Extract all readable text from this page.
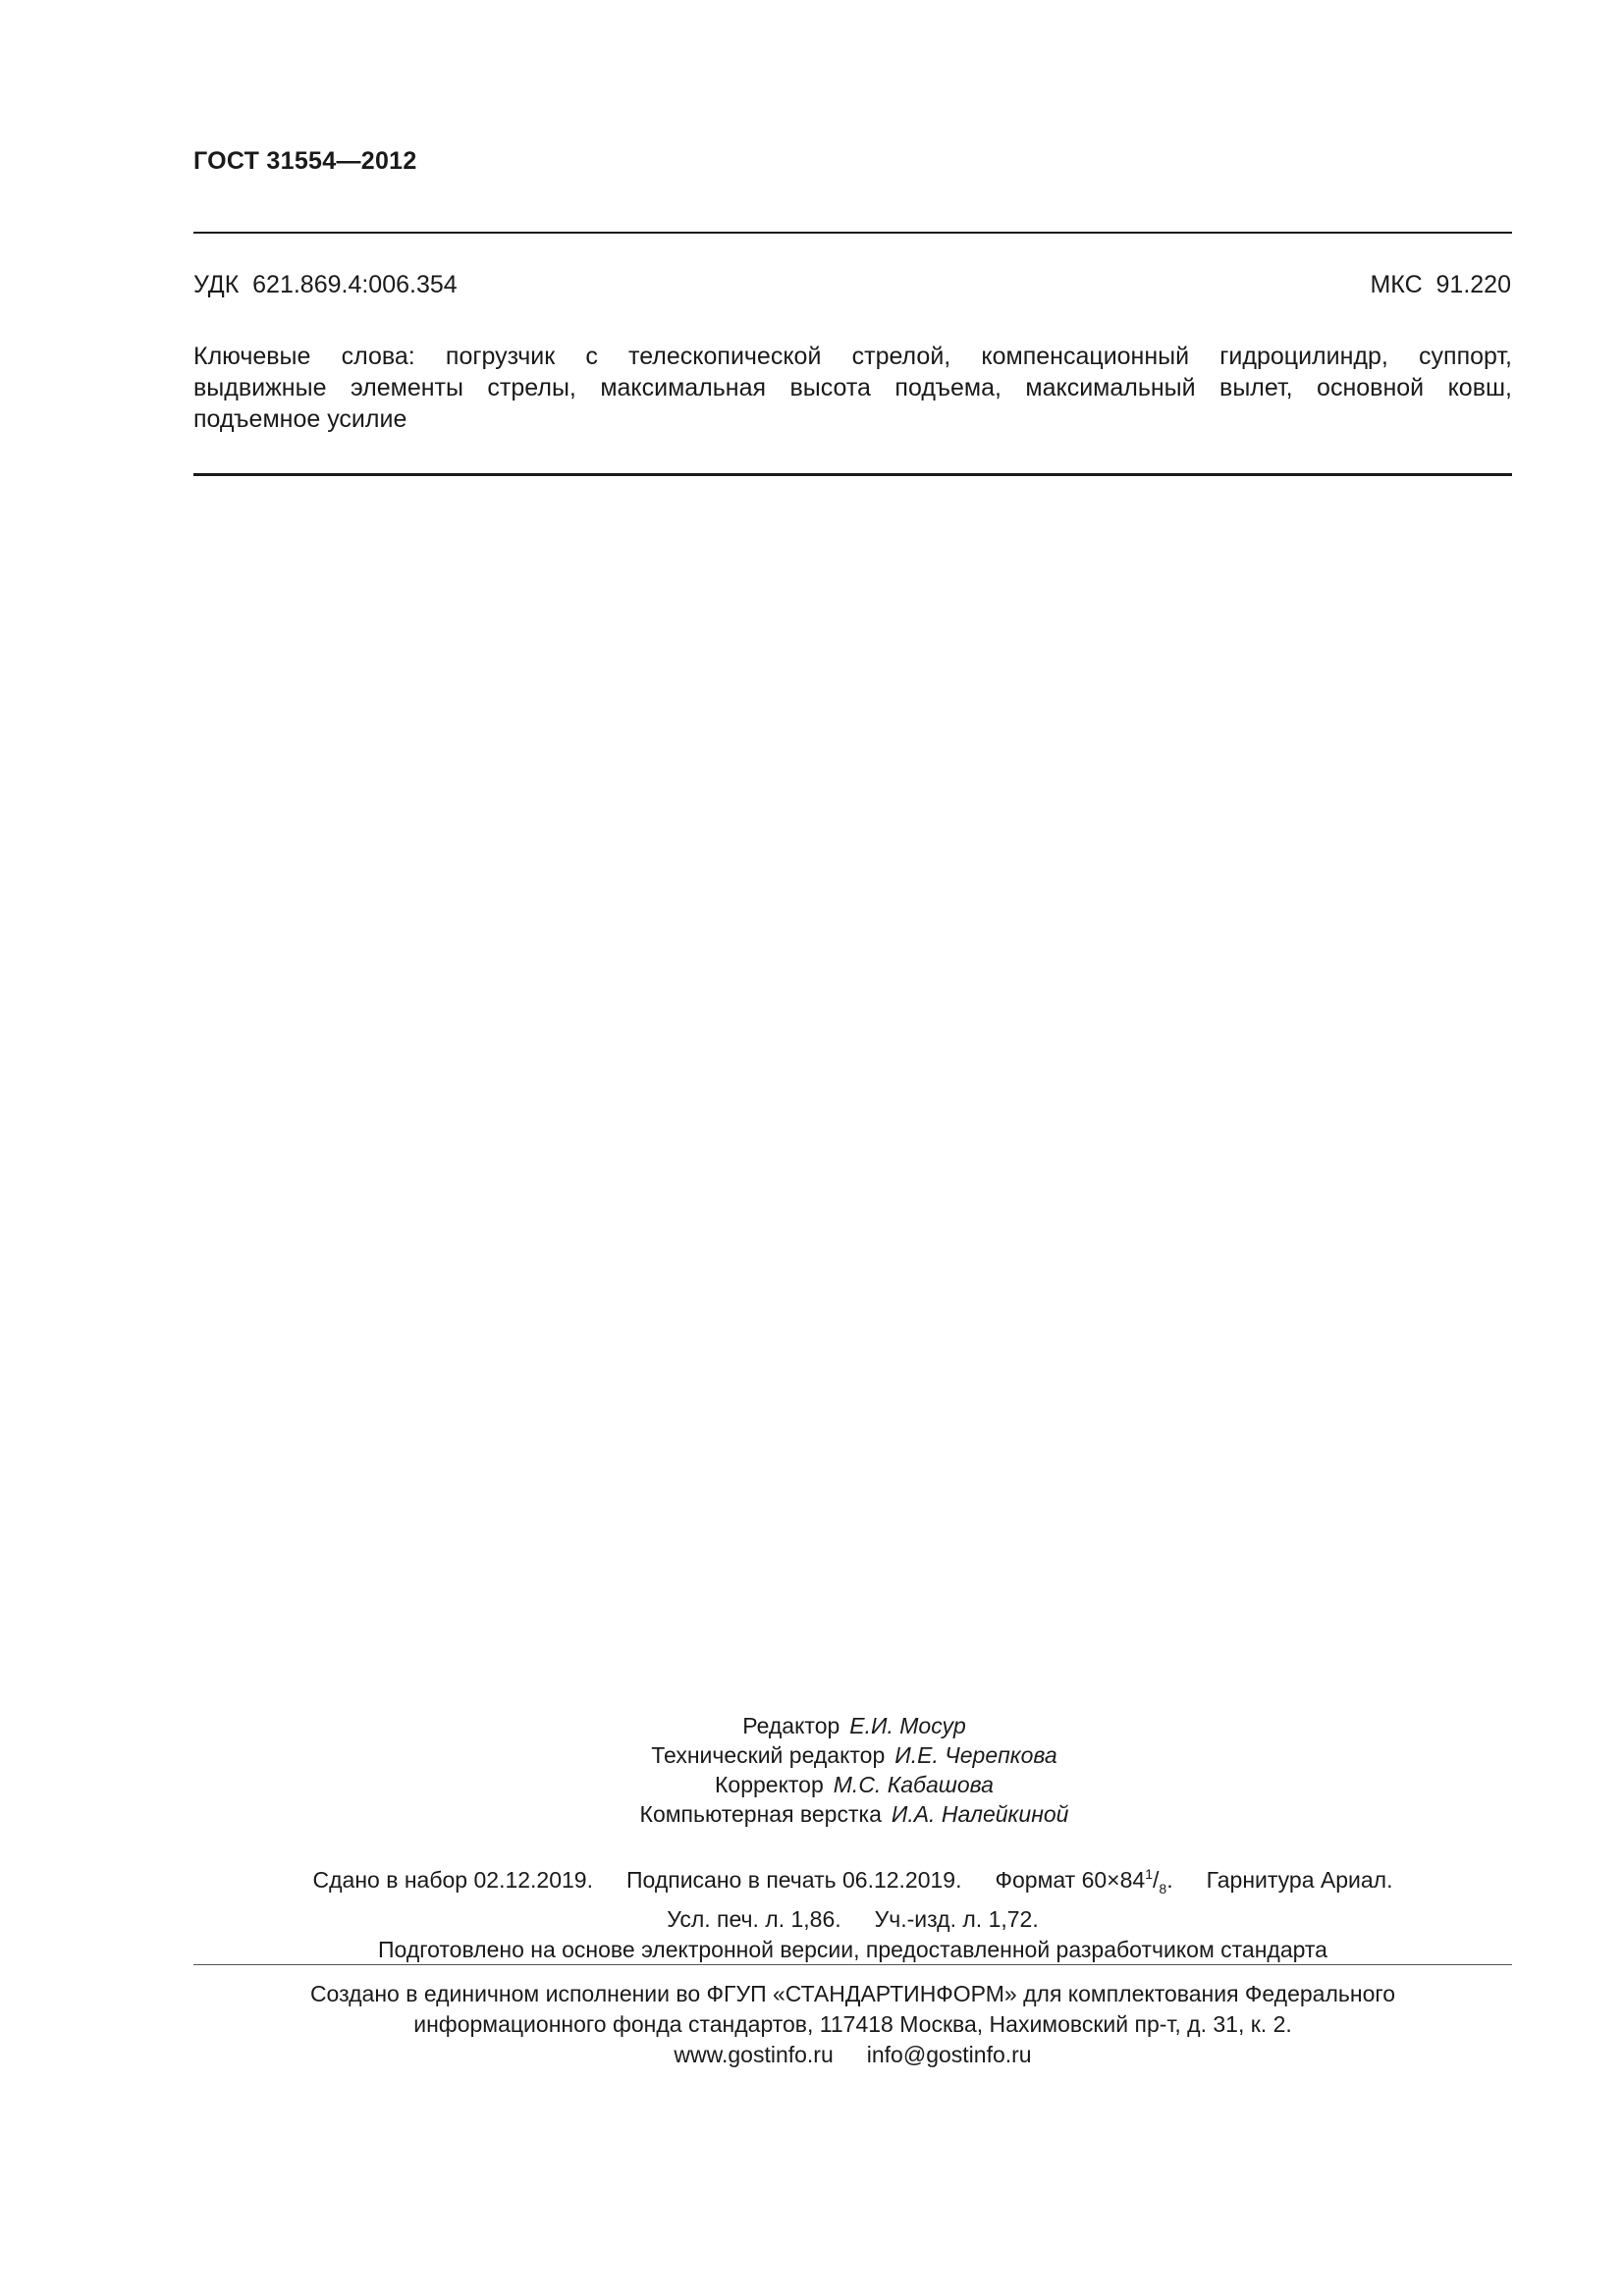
ГОСТ 31554—2012
УДК  621.869.4:006.354	МКС  91.220
Ключевые слова: погрузчик с телескопической стрелой, компенсационный гидроцилиндр, суппорт,
выдвижные элементы стрелы, максимальная высота подъема, максимальный вылет, основной ковш,
подъемное усилие
Редактор Е.И. Мосур
Технический редактор И.Е. Черепкова
Корректор М.С. Кабашова
Компьютерная верстка И.А. Налейкиной
Сдано в набор 02.12.2019. Подписано в печать 06.12.2019. Формат $60\times 84^1/_8$. Гарнитура Ариал.
Усл. печ. л. 1,86. Уч.-изд. л. 1,72.
Подготовлено на основе электронной версии, предоставленной разработчиком стандарта
Создано в единичном исполнении во ФГУП «СТАНДАРТИНФОРМ» для комплектования Федерального
информационного фонда стандартов, 117418 Москва, Нахимовский пр-т, д. 31, к. 2.
www.gostinfo.ru info@gostinfo.ru
